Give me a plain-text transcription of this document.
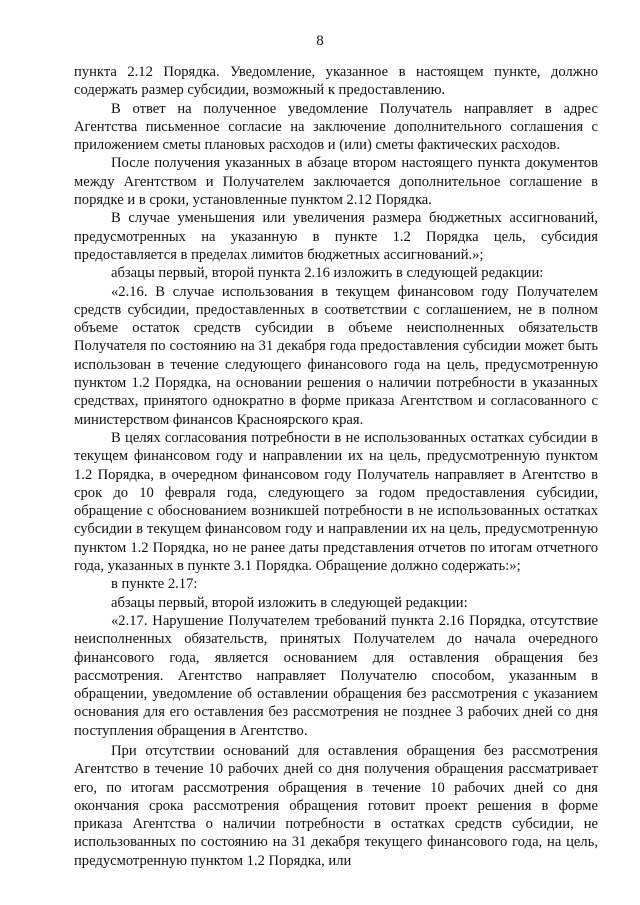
8

пункта 2.12 Порядка. Уведомление, указанное в настоящем пункте, должно содержать размер субсидии, возможный к предоставлению.

В ответ на полученное уведомление Получатель направляет в адрес Агентства письменное согласие на заключение дополнительного соглашения с приложением сметы плановых расходов и (или) сметы фактических расходов.

После получения указанных в абзаце втором настоящего пункта документов между Агентством и Получателем заключается дополнительное соглашение в порядке и в сроки, установленные пунктом 2.12 Порядка.

В случае уменьшения или увеличения размера бюджетных ассигнований, предусмотренных на указанную в пункте 1.2 Порядка цель, субсидия предоставляется в пределах лимитов бюджетных ассигнований.»;

абзацы первый, второй пункта 2.16 изложить в следующей редакции:

«2.16. В случае использования в текущем финансовом году Получателем средств субсидии, предоставленных в соответствии с соглашением, не в полном объеме остаток средств субсидии в объеме неисполненных обязательств Получателя по состоянию на 31 декабря года предоставления субсидии может быть использован в течение следующего финансового года на цель, предусмотренную пунктом 1.2 Порядка, на основании решения о наличии потребности в указанных средствах, принятого однократно в форме приказа Агентством и согласованного с министерством финансов Красноярского края.

В целях согласования потребности в не использованных остатках субсидии в текущем финансовом году и направлении их на цель, предусмотренную пунктом 1.2 Порядка, в очередном финансовом году Получатель направляет в Агентство в срок до 10 февраля года, следующего за годом предоставления субсидии, обращение с обоснованием возникшей потребности в не использованных остатках субсидии в текущем финансовом году и направлении их на цель, предусмотренную пунктом 1.2 Порядка, но не ранее даты представления отчетов по итогам отчетного года, указанных в пункте 3.1 Порядка. Обращение должно содержать:»;

в пункте 2.17:

абзацы первый, второй изложить в следующей редакции:

«2.17. Нарушение Получателем требований пункта 2.16 Порядка, отсутствие неисполненных обязательств, принятых Получателем до начала очередного финансового года, является основанием для оставления обращения без рассмотрения. Агентство направляет Получателю способом, указанным в обращении, уведомление об оставлении обращения без рассмотрения с указанием основания для его оставления без рассмотрения не позднее 3 рабочих дней со дня поступления обращения в Агентство.

При отсутствии оснований для оставления обращения без рассмотрения Агентство в течение 10 рабочих дней со дня получения обращения рассматривает его, по итогам рассмотрения обращения в течение 10 рабочих дней со дня окончания срока рассмотрения обращения готовит проект решения в форме приказа Агентства о наличии потребности в остатках средств субсидии, не использованных по состоянию на 31 декабря текущего финансового года, на цель, предусмотренную пунктом 1.2 Порядка, или
